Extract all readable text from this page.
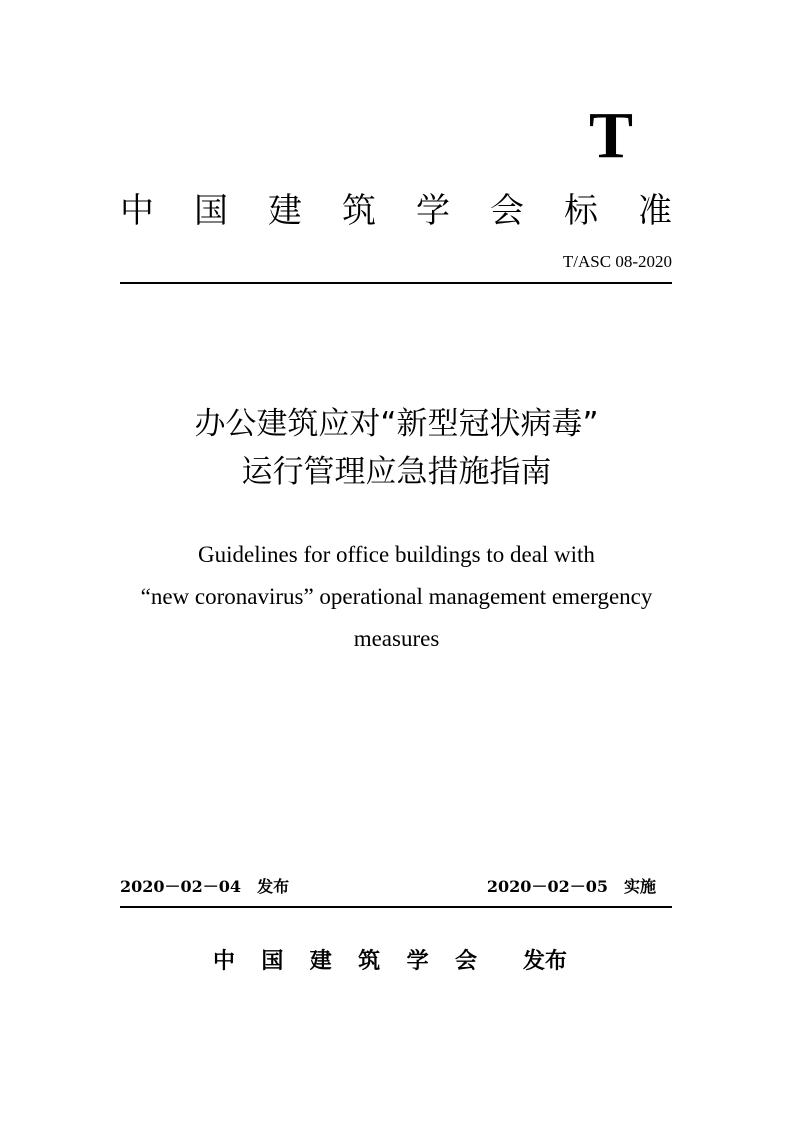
T
中 国 建 筑 学 会 标 准
T/ASC 08-2020
办公建筑应对“新型冠状病毒”
运行管理应急措施指南
Guidelines for office buildings to deal with
“new coronavirus” operational management emergency
measures
2020－02－04 发布	2020－02－05 实施
中 国 建 筑 学 会 发布
